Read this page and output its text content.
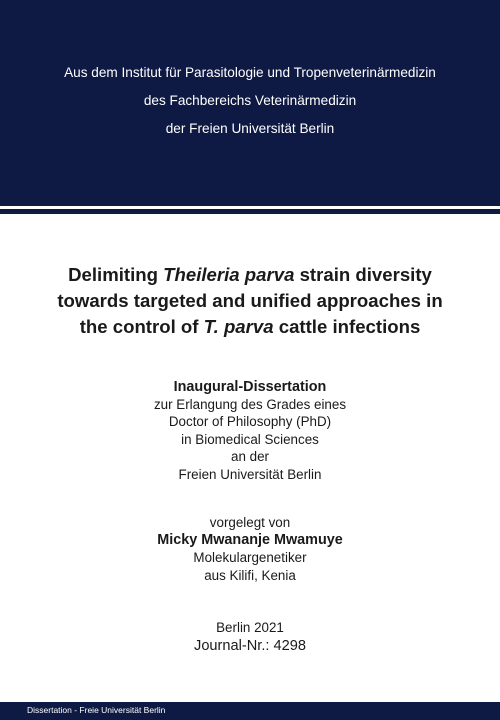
Aus dem Institut für Parasitologie und Tropenveterinärmedizin
des Fachbereichs Veterinärmedizin
der Freien Universität Berlin
Delimiting Theileria parva strain diversity
towards targeted and unified approaches in
the control of T. parva cattle infections
Inaugural-Dissertation
zur Erlangung des Grades eines
Doctor of Philosophy (PhD)
in Biomedical Sciences
an der
Freien Universität Berlin
vorgelegt von
Micky Mwananje Mwamuye
Molekulargenetiker
aus Kilifi, Kenia
Berlin 2021
Journal-Nr.: 4298
Dissertation - Freie Universität Berlin
